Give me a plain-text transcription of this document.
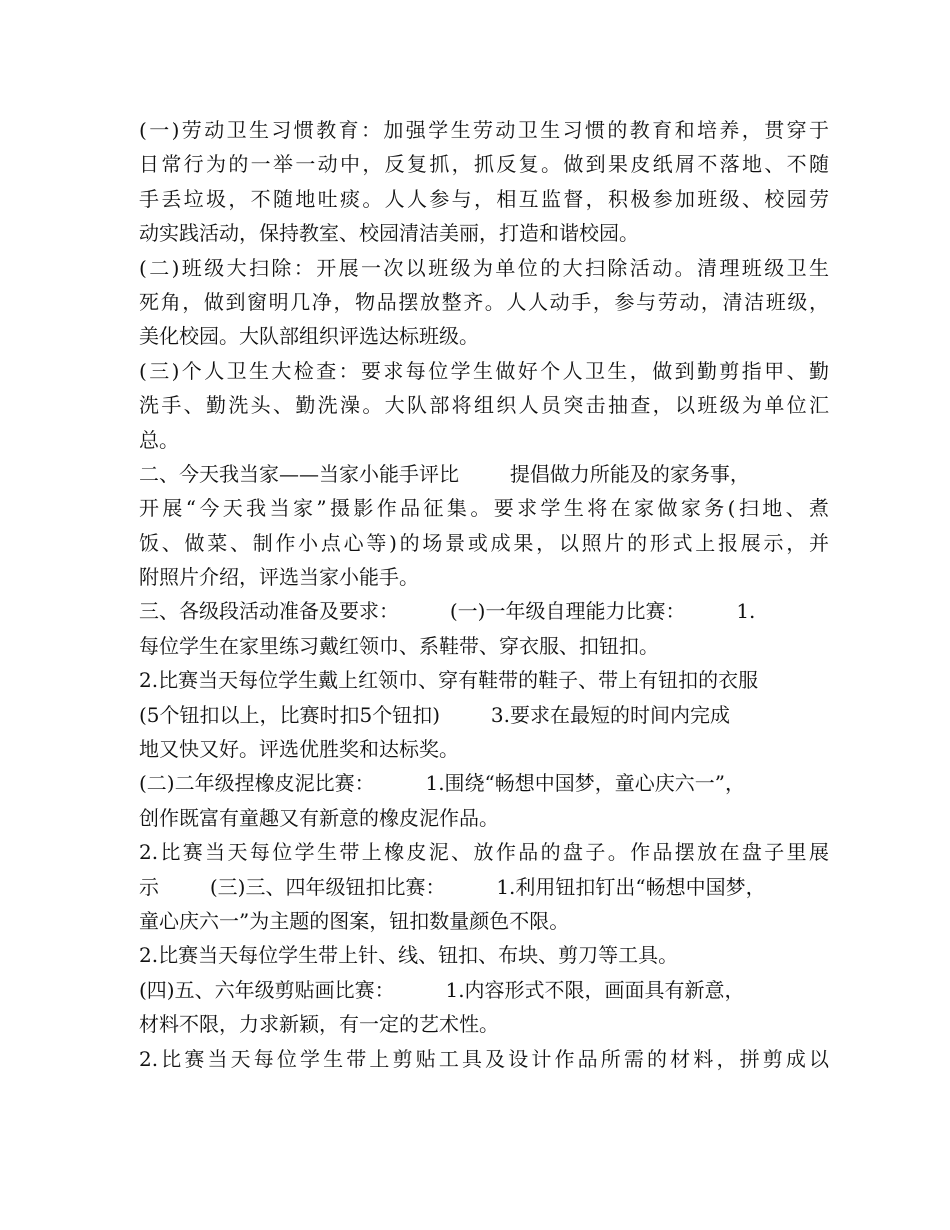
(一)劳动卫生习惯教育：加强学生劳动卫生习惯的教育和培养，贯穿于
日常行为的一举一动中，反复抓，抓反复。做到果皮纸屑不落地、不随
手丢垃圾，不随地吐痰。人人参与，相互监督，积极参加班级、校园劳
动实践活动，保持教室、校园清洁美丽，打造和谐校园。
(二)班级大扫除：开展一次以班级为单位的大扫除活动。清理班级卫生
死角，做到窗明几净，物品摆放整齐。人人动手，参与劳动，清洁班级，
美化校园。大队部组织评选达标班级。
(三)个人卫生大检查：要求每位学生做好个人卫生，做到勤剪指甲、勤
洗手、勤洗头、勤洗澡。大队部将组织人员突击抽查，以班级为单位汇
总。
二、今天我当家——当家小能手评比        提倡做力所能及的家务事，
开展“今天我当家”摄影作品征集。要求学生将在家做家务(扫地、煮
饭、做菜、制作小点心等)的场景或成果，以照片的形式上报展示，并
附照片介绍，评选当家小能手。
三、各级段活动准备及要求：        (一)一年级自理能力比赛：        1.
每位学生在家里练习戴红领巾、系鞋带、穿衣服、扣钮扣。
2.比赛当天每位学生戴上红领巾、穿有鞋带的鞋子、带上有钮扣的衣服
(5个钮扣以上，比赛时扣5个钮扣)        3.要求在最短的时间内完成
地又快又好。评选优胜奖和达标奖。
(二)二年级捏橡皮泥比赛：        1.围绕“畅想中国梦，童心庆六一”，
创作既富有童趣又有新意的橡皮泥作品。
2.比赛当天每位学生带上橡皮泥、放作品的盘子。作品摆放在盘子里展
示        (三)三、四年级钮扣比赛：        1.利用钮扣钉出“畅想中国梦，
童心庆六一”为主题的图案，钮扣数量颜色不限。
2.比赛当天每位学生带上针、线、钮扣、布块、剪刀等工具。
(四)五、六年级剪贴画比赛：        1.内容形式不限，画面具有新意，
材料不限，力求新颖，有一定的艺术性。
2.比赛当天每位学生带上剪贴工具及设计作品所需的材料，拼剪成以
